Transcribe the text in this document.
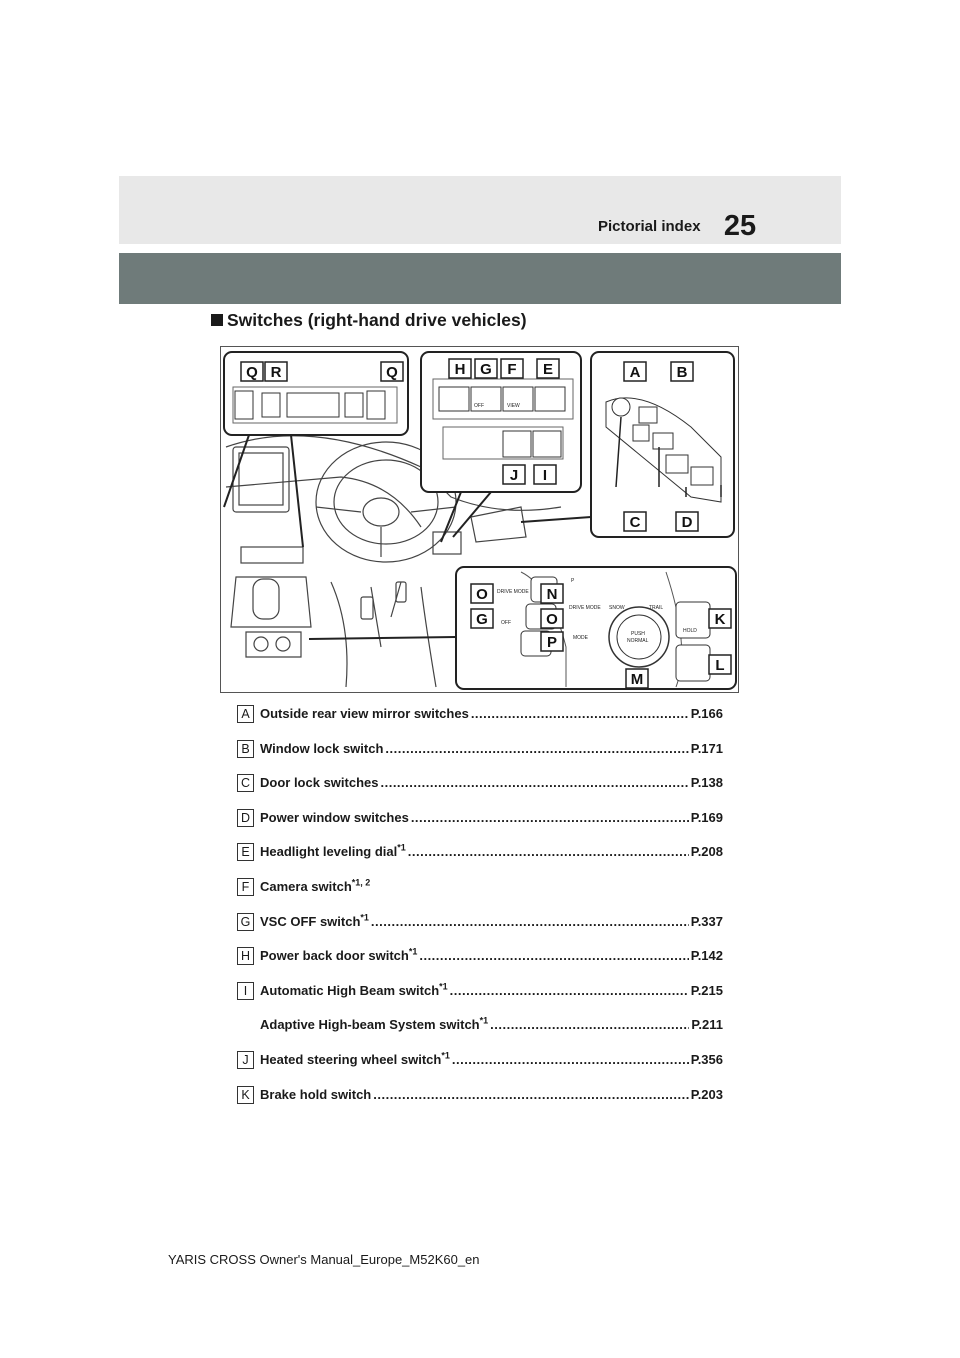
25
Pictorial index
Switches (right-hand drive vehicles)
OFF	VIEW
DRIVE MODE
OFF
DRIVE MODE
MODE
P
SNOW	TRAIL
PUSH
NORMAL
HOLD
Q R	Q	H G F E
J I
A B
C	D
O	N
G	O
P
M
K
L
A Outside rear view mirror switches .....	P.166
B Window lock switch .....	P.171
C Door lock switches .....	P.138
D Power window switches .....	P.169
E Headlight leveling dial$^{*1}$ .....	P.208
F Camera switch$^{*1, 2}$
G VSC OFF switch$^{*1}$ .....	P.337
H Power back door switch$^{*1}$ .....	P.142
I Automatic High Beam switch$^{*1}$ .....	P.215
Adaptive High-beam System switch$^{*1}$ .....	P.211
J Heated steering wheel switch$^{*1}$ .....	P.356
K Brake hold switch .....	P.203
YARIS CROSS Owner's Manual_Europe_M52K60_en
